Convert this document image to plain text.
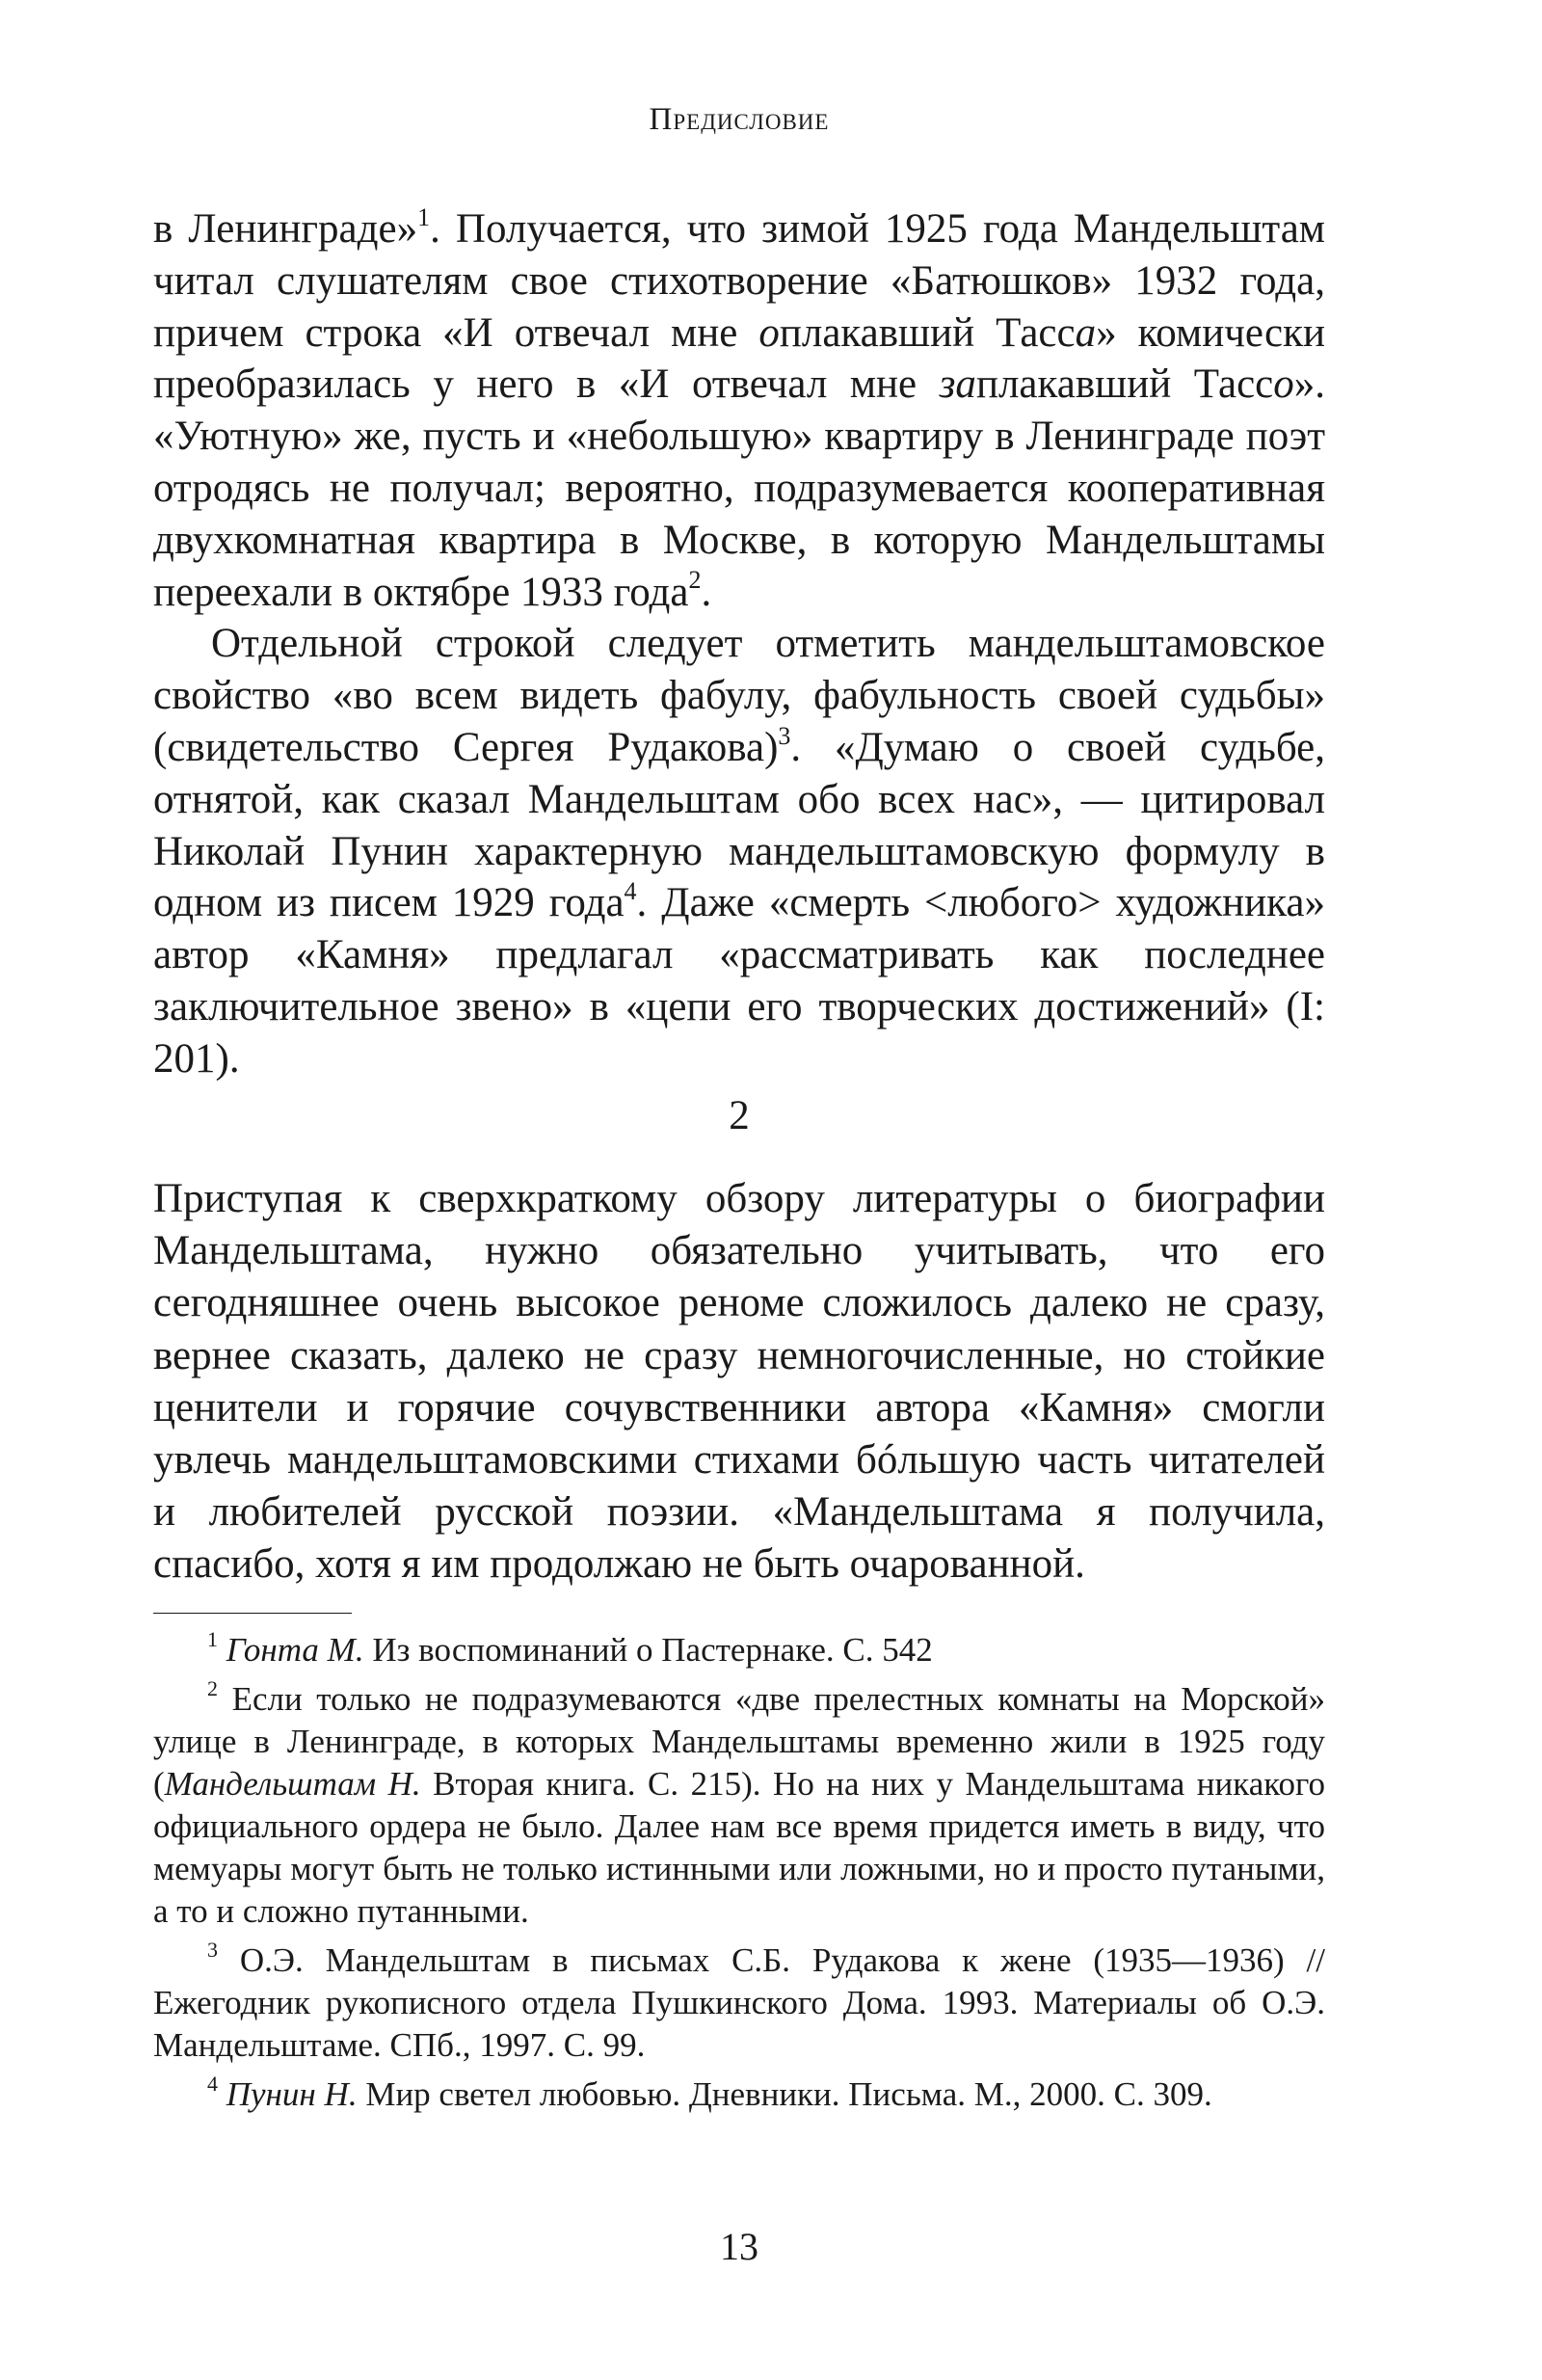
Предисловие

в Ленинграде»$^1$. Получается, что зимой 1925 года Мандельштам читал слушателям свое стихотворение «Батюшков» 1932 года, причем строка «И отвечал мне оплакавший Тасса» комически преобразилась у него в «И отвечал мне заплакавший Тассо». «Уютную» же, пусть и «небольшую» квартиру в Ленинграде поэт отродясь не получал; вероятно, подразумевается кооперативная двухкомнатная квартира в Москве, в которую Мандельштамы переехали в октябре 1933 года$^2$.

Отдельной строкой следует отметить мандельштамовское свойство «во всем видеть фабулу, фабульность своей судьбы» (свидетельство Сергея Рудакова)$^3$. «Думаю о своей судьбе, отнятой, как сказал Мандельштам обо всех нас», — цитировал Николай Пунин характерную мандельштамовскую формулу в одном из писем 1929 года$^4$. Даже «смерть <любого> художника» автор «Камня» предлагал «рассматривать как последнее заключительное звено» в «цепи его творческих достижений» (I: 201).

2

Приступая к сверхкраткому обзору литературы о биографии Мандельштама, нужно обязательно учитывать, что его сегодняшнее очень высокое реноме сложилось далеко не сразу, вернее сказать, далеко не сразу немногочисленные, но стойкие ценители и горячие сочувственники автора «Камня» смогли увлечь мандельштамовскими стихами бóльшую часть читателей и любителей русской поэзии. «Мандельштама я получила, спасибо, хотя я им продолжаю не быть очарованной.

$^1$ Гонта М. Из воспоминаний о Пастернаке. С. 542

$^2$ Если только не подразумеваются «две прелестных комнаты на Морской» улице в Ленинграде, в которых Мандельштамы временно жили в 1925 году (Мандельштам Н. Вторая книга. С. 215). Но на них у Мандельштама никакого официального ордера не было. Далее нам все время придется иметь в виду, что мемуары могут быть не только истинными или ложными, но и просто путаными, а то и сложно путанными.

$^3$ О.Э. Мандельштам в письмах С.Б. Рудакова к жене (1935—1936) // Ежегодник рукописного отдела Пушкинского Дома. 1993. Материалы об О.Э. Мандельштаме. СПб., 1997. С. 99.

$^4$ Пунин Н. Мир светел любовью. Дневники. Письма. М., 2000. С. 309.

13
